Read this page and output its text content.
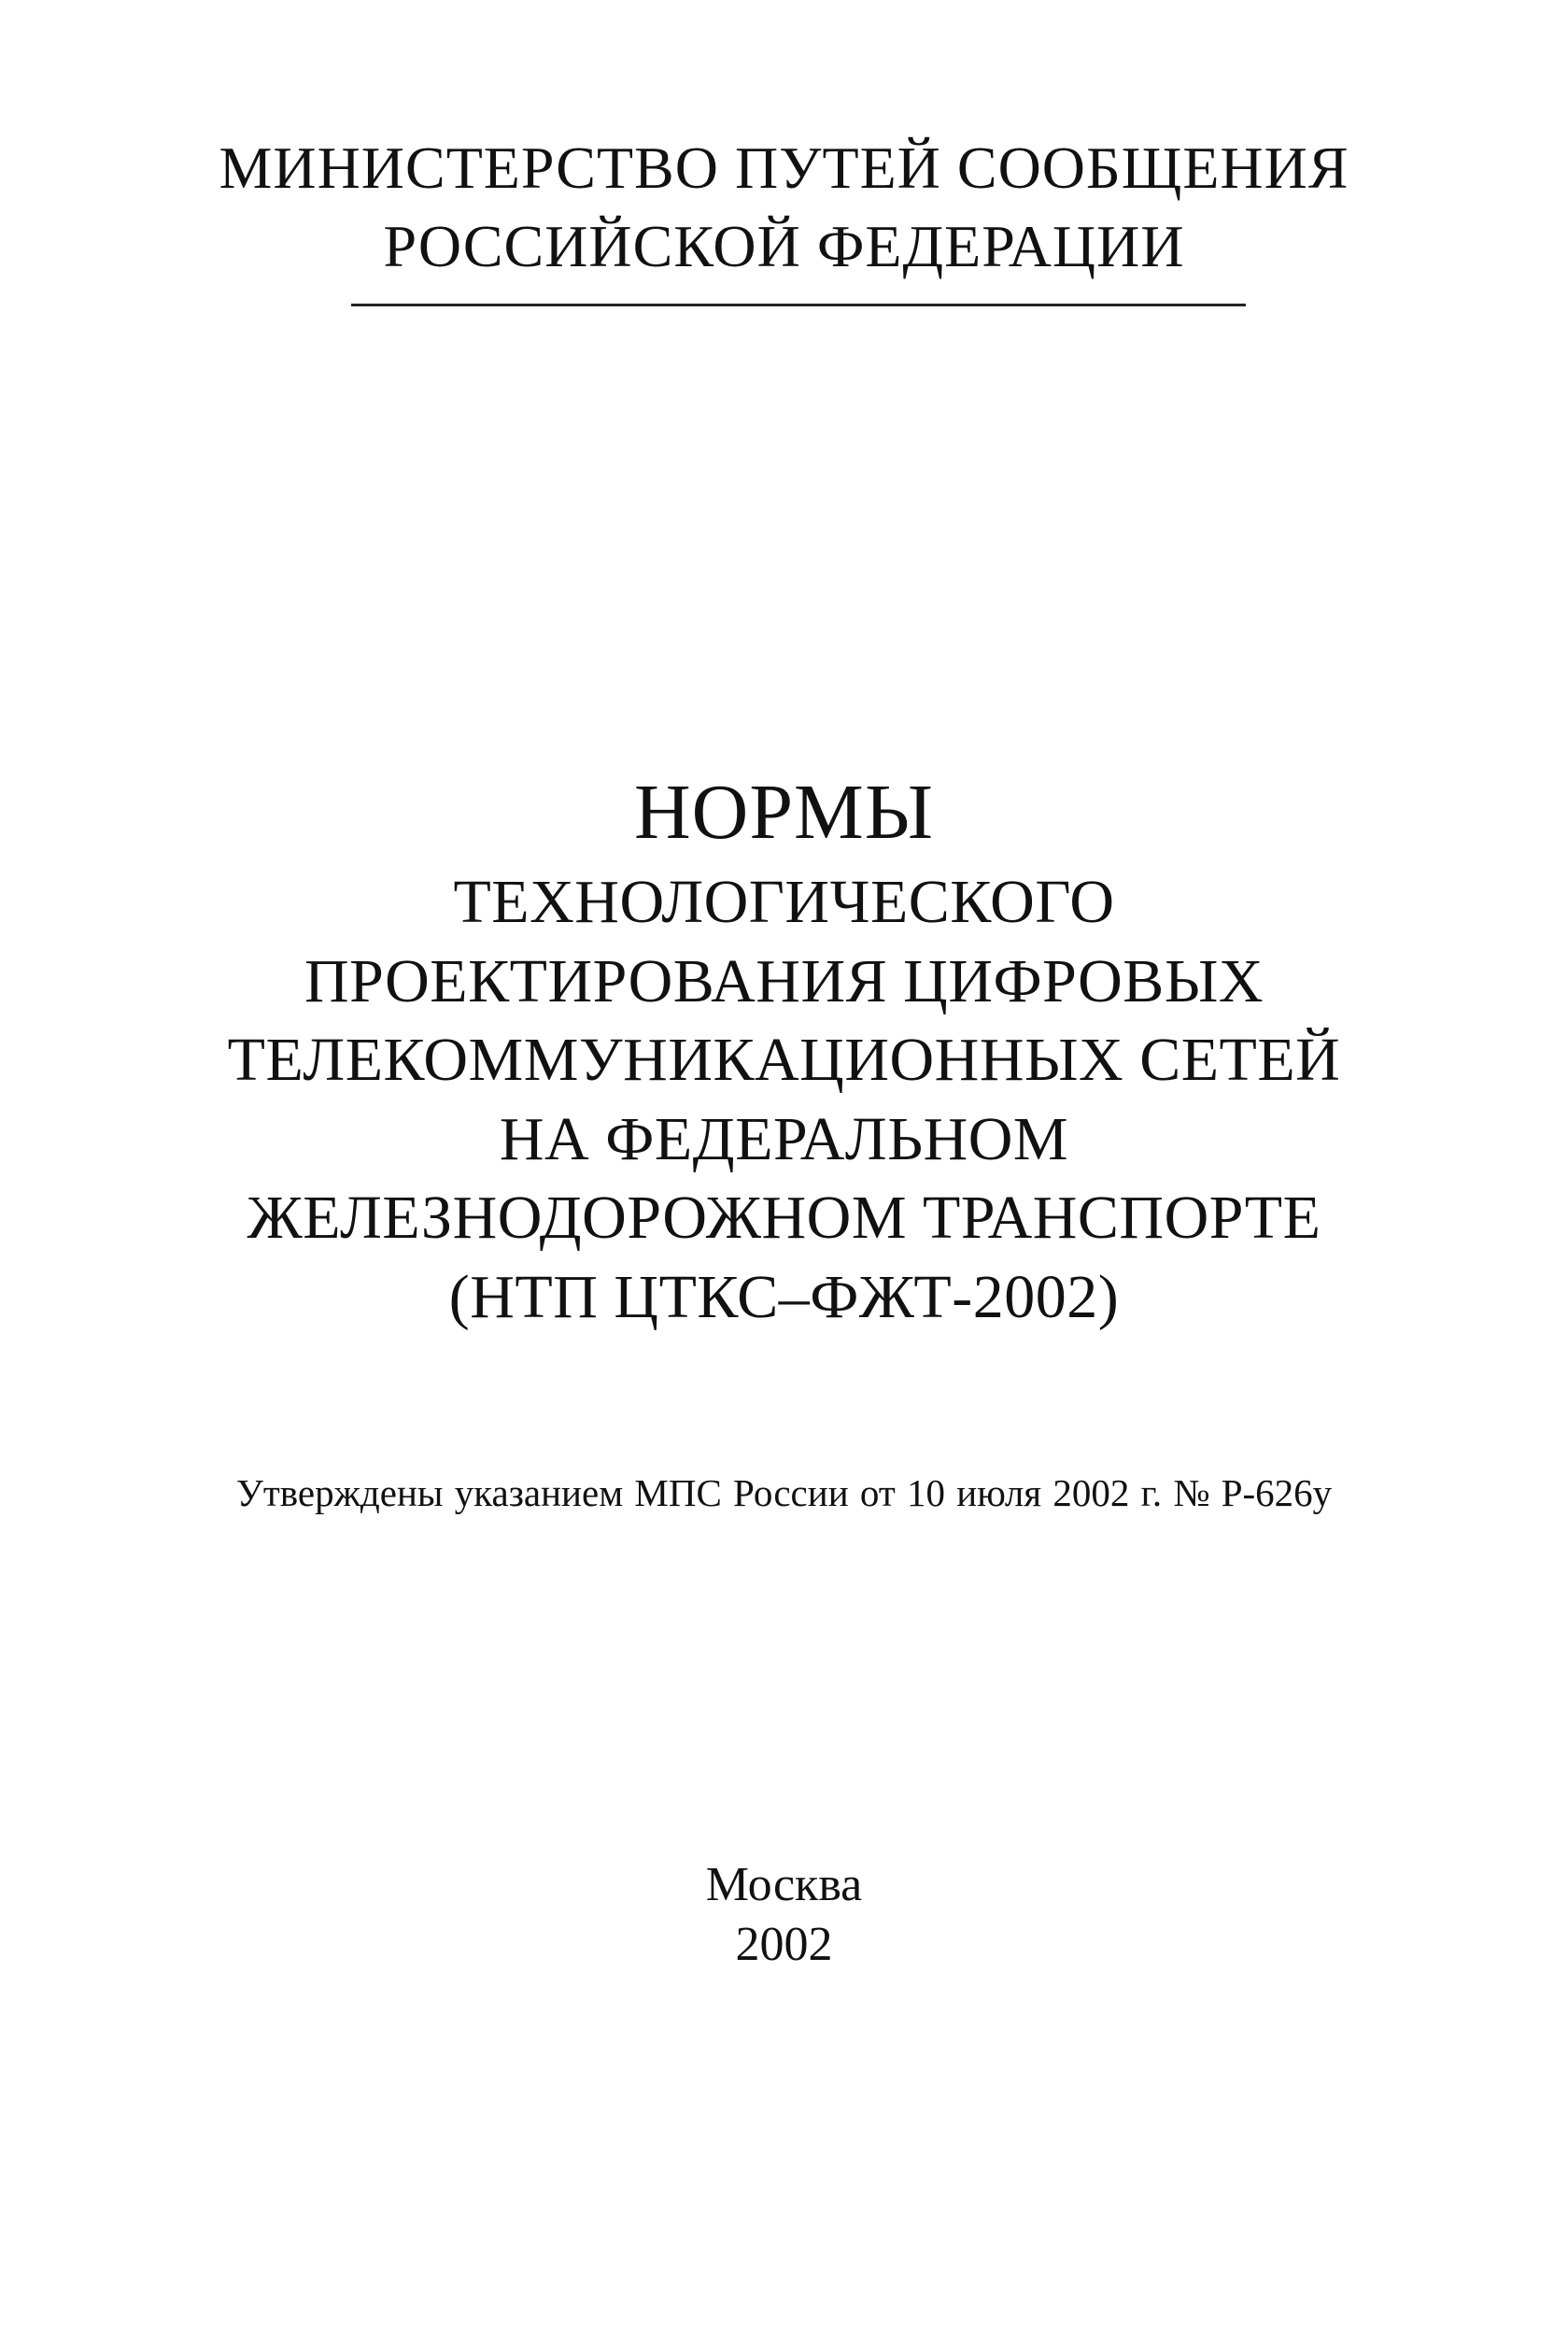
МИНИСТЕРСТВО ПУТЕЙ СООБЩЕНИЯ
РОССИЙСКОЙ ФЕДЕРАЦИИ
НОРМЫ
ТЕХНОЛОГИЧЕСКОГО
ПРОЕКТИРОВАНИЯ ЦИФРОВЫХ
ТЕЛЕКОММУНИКАЦИОННЫХ СЕТЕЙ
НА ФЕДЕРАЛЬНОМ
ЖЕЛЕЗНОДОРОЖНОМ ТРАНСПОРТЕ
(НТП ЦТКС–ФЖТ-2002)
Утверждены указанием МПС России от 10 июля 2002 г. № Р-626у
Москва
2002
